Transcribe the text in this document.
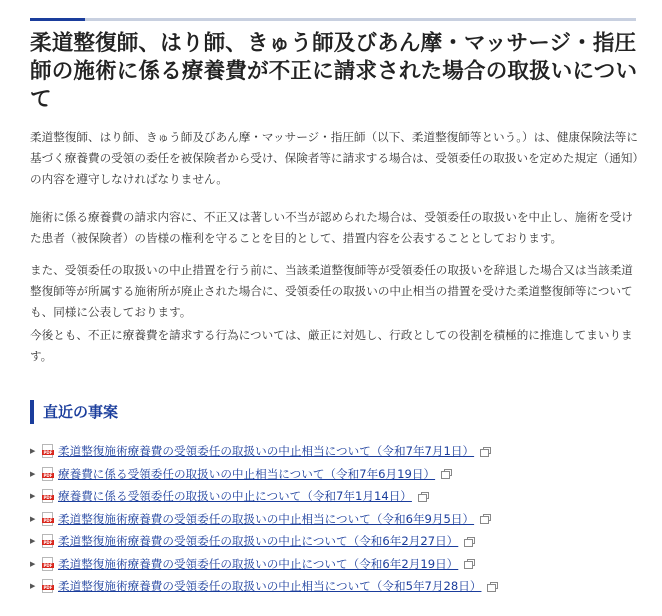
柔道整復師、はり師、きゅう師及びあん摩・マッサージ・指圧師の施術に係る療養費が不正に請求された場合の取扱いについて

柔道整復師、はり師、きゅう師及びあん摩・マッサージ・指圧師（以下、柔道整復師等という。）は、健康保険法等に基づく療養費の受領の委任を被保険者から受け、保険者等に請求する場合は、受領委任の取扱いを定めた規定（通知）の内容を遵守しなければなりません。

施術に係る療養費の請求内容に、不正又は著しい不当が認められた場合は、受領委任の取扱いを中止し、施術を受けた患者（被保険者）の皆様の権利を守ることを目的として、措置内容を公表することとしております。

また、受領委任の取扱いの中止措置を行う前に、当該柔道整復師等が受領委任の取扱いを辞退した場合又は当該柔道整復師等が所属する施術所が廃止された場合に、受領委任の取扱いの中止相当の措置を受けた柔道整復師等についても、同様に公表しております。

今後とも、不正に療養費を請求する行為については、厳正に対処し、行政としての役割を積極的に推進してまいります。

直近の事案
▶	PDF 柔道整復施術療養費の受領委任の取扱いの中止相当について（令和7年7月1日）
▶	PDF 療養費に係る受領委任の取扱いの中止相当について（令和7年6月19日）
▶	PDF 療養費に係る受領委任の取扱いの中止について（令和7年1月14日）
▶	PDF 柔道整復施術療養費の受領委任の取扱いの中止相当について（令和6年9月5日）
▶	PDF 柔道整復施術療養費の受領委任の取扱いの中止について（令和6年2月27日）
▶	PDF 柔道整復施術療養費の受領委任の取扱いの中止について（令和6年2月19日）
▶	PDF 柔道整復施術療養費の受領委任の取扱いの中止相当について（令和5年7月28日）
